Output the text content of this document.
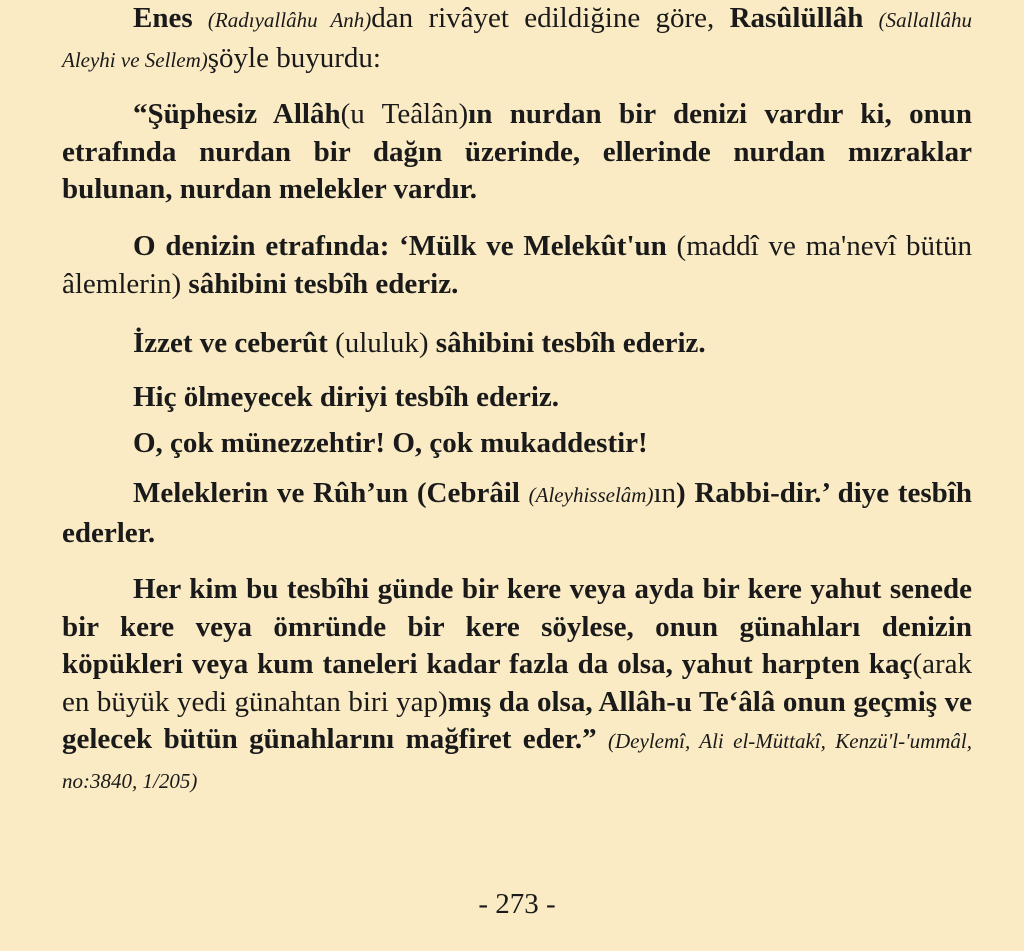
Enes (Radıyallâhu Anh)dan rivâyet edildiğine göre, Rasûlüllâh (Sallallâhu Aleyhi ve Sellem)şöyle buyurdu:

“Şüphesiz Allâh(u Teâlân)ın nurdan bir denizi vardır ki, onun etrafında nurdan bir dağın üzerinde, ellerinde nurdan mızraklar bulunan, nurdan melekler vardır.

O denizin etrafında: ‘Mülk ve Melekût'un (maddî ve ma'nevî bütün âlemlerin) sâhibini tesbîh ederiz.

İzzet ve ceberût (ululuk) sâhibini tesbîh ederiz.

Hiç ölmeyecek diriyi tesbîh ederiz.

O, çok münezzehtir! O, çok mukaddestir!

Meleklerin ve Rûh’un (Cebrâil (Aleyhisselâm)ın) Rabbi-dir.’ diye tesbîh ederler.

Her kim bu tesbîhi günde bir kere veya ayda bir kere yahut senede bir kere veya ömründe bir kere söylese, onun günahları denizin köpükleri veya kum taneleri kadar fazla da olsa, yahut harpten kaç(arak en büyük yedi günahtan biri yap)mış da olsa, Allâh-u Te‘âlâ onun geçmiş ve gelecek bütün günahlarını mağfiret eder.” (Deylemî, Ali el-Müttakî, Kenzü'l-'ummâl, no:3840, 1/205)

- 273 -
